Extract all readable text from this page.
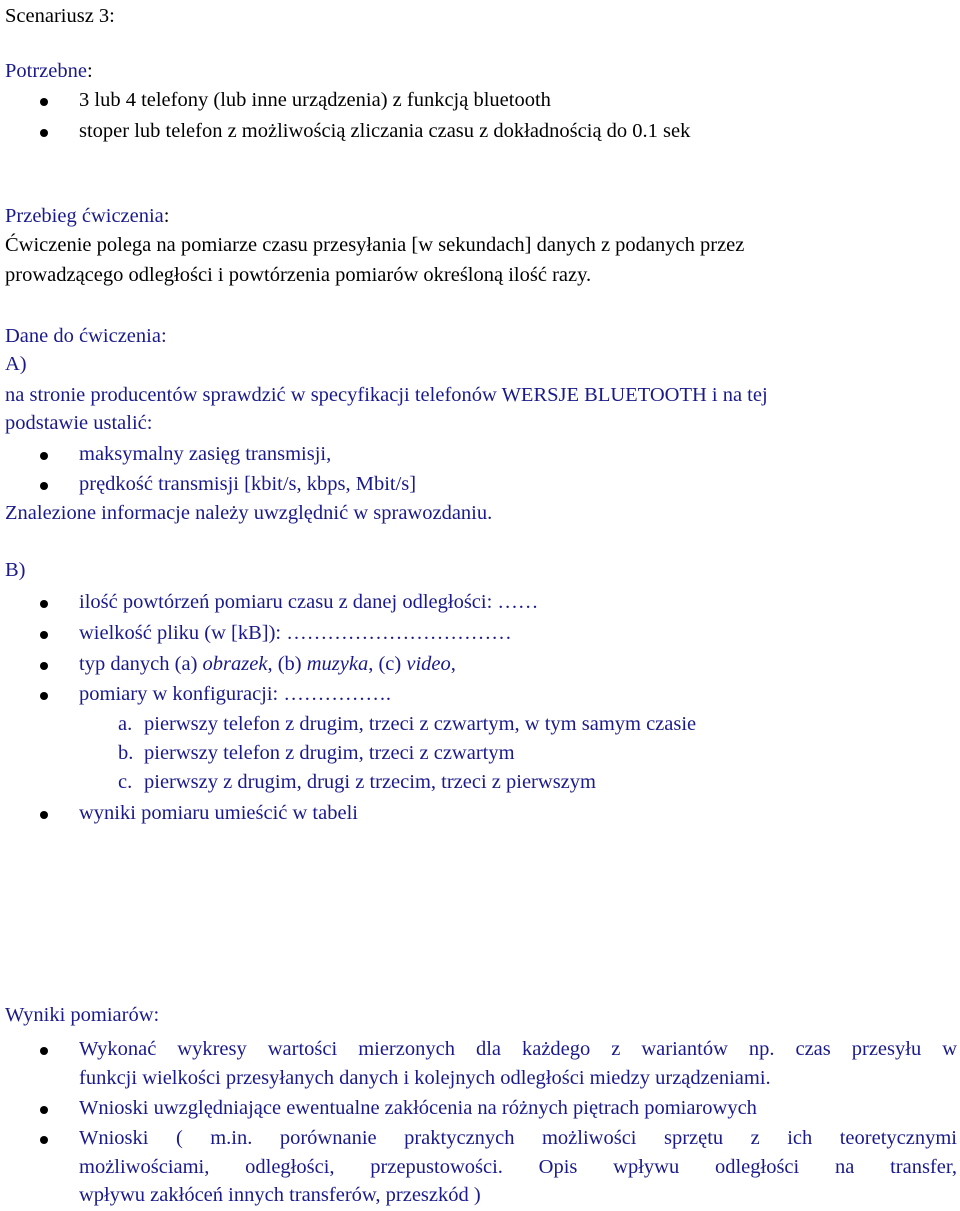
Scenariusz 3:
Potrzebne:
3 lub 4 telefony (lub inne urządzenia) z funkcją bluetooth
stoper lub telefon z możliwością zliczania czasu z dokładnością do 0.1 sek
Przebieg ćwiczenia:
Ćwiczenie polega na pomiarze czasu przesyłania [w sekundach] danych z podanych przez
prowadzącego odległości i powtórzenia pomiarów określoną ilość razy.
Dane do ćwiczenia:
A)
na stronie producentów sprawdzić w specyfikacji telefonów WERSJE BLUETOOTH i na tej
podstawie ustalić:
maksymalny zasięg transmisji,
prędkość transmisji [kbit/s, kbps, Mbit/s]
Znalezione informacje należy uwzględnić w sprawozdaniu.
B)
ilość powtórzeń pomiaru czasu z danej odległości: ……
wielkość pliku (w [kB]): ……………………………
typ danych (a) obrazek, (b) muzyka, (c) video,
pomiary w konfiguracji: …………….
a. pierwszy telefon z drugim, trzeci z czwartym, w tym samym czasie
b. pierwszy telefon z drugim, trzeci z czwartym
c. pierwszy z drugim, drugi z trzecim, trzeci z pierwszym
wyniki pomiaru umieścić w tabeli
Wyniki pomiarów:
Wykonać wykresy wartości mierzonych dla każdego z wariantów np. czas przesyłu w
funkcji wielkości przesyłanych danych i kolejnych odległości miedzy urządzeniami.
Wnioski uwzględniające ewentualne zakłócenia na różnych piętrach pomiarowych
Wnioski ( m.in. porównanie praktycznych możliwości sprzętu z ich teoretycznymi
możliwościami, odległości, przepustowości. Opis wpływu odległości na transfer,
wpływu zakłóceń innych transferów, przeszkód )
